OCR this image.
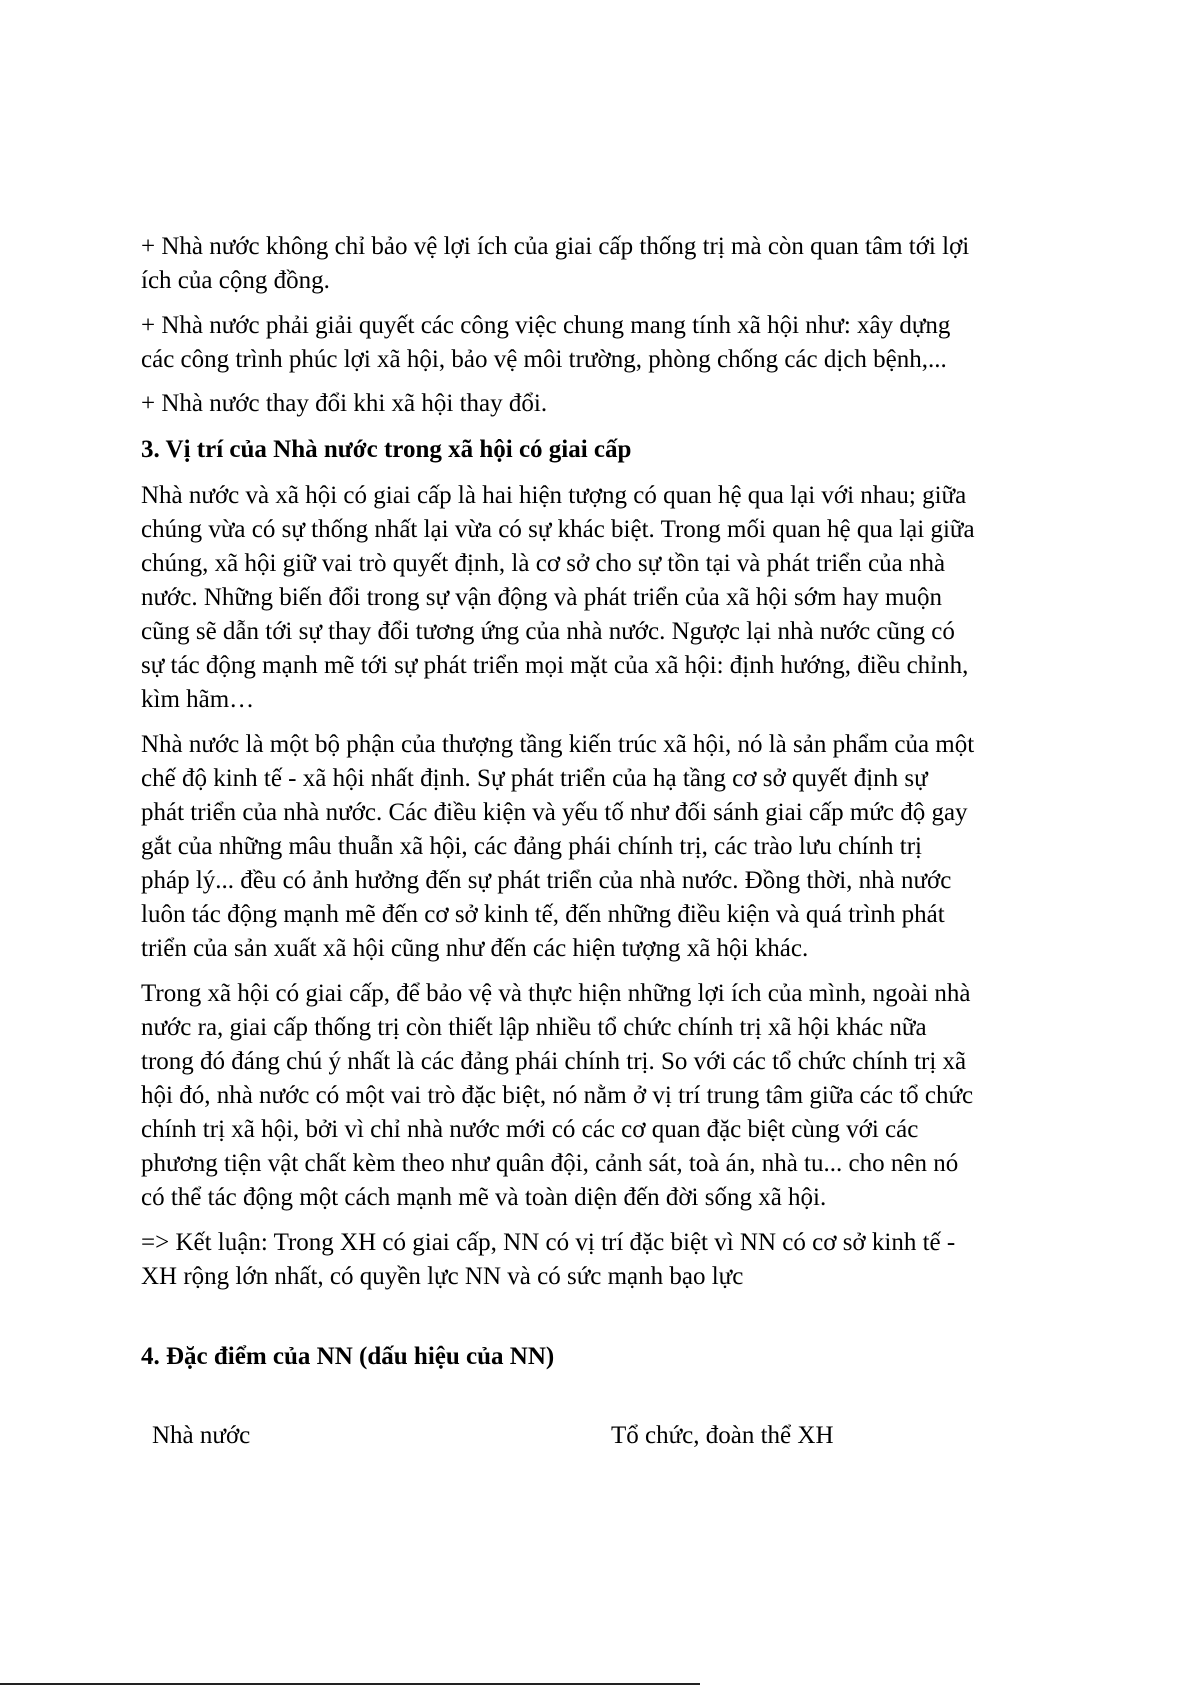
+ Nhà nước không chỉ bảo vệ lợi ích của giai cấp thống trị mà còn quan tâm tới lợi
ích của cộng đồng.

+ Nhà nước phải giải quyết các công việc chung mang tính xã hội như: xây dựng
các công trình phúc lợi xã hội, bảo vệ môi trường, phòng chống các dịch bệnh,...

+ Nhà nước thay đổi khi xã hội thay đổi.

3. Vị trí của Nhà nước trong xã hội có giai cấp

Nhà nước và xã hội có giai cấp là hai hiện tượng có quan hệ qua lại với nhau; giữa
chúng vừa có sự thống nhất lại vừa có sự khác biệt. Trong mối quan hệ qua lại giữa
chúng, xã hội giữ vai trò quyết định, là cơ sở cho sự tồn tại và phát triển của nhà
nước. Những biến đổi trong sự vận động và phát triển của xã hội sớm hay muộn
cũng sẽ dẫn tới sự thay đổi tương ứng của nhà nước. Ngược lại nhà nước cũng có
sự tác động mạnh mẽ tới sự phát triển mọi mặt của xã hội: định hướng, điều chỉnh,
kìm hãm…

Nhà nước là một bộ phận của thượng tầng kiến trúc xã hội, nó là sản phẩm của một
chế độ kinh tế - xã hội nhất định. Sự phát triển của hạ tầng cơ sở quyết định sự
phát triển của nhà nước. Các điều kiện và yếu tố như đối sánh giai cấp mức độ gay
gắt của những mâu thuẫn xã hội, các đảng phái chính trị, các trào lưu chính trị
pháp lý... đều có ảnh hưởng đến sự phát triển của nhà nước. Đồng thời, nhà nước
luôn tác động mạnh mẽ đến cơ sở kinh tế, đến những điều kiện và quá trình phát
triển của sản xuất xã hội cũng như đến các hiện tượng xã hội khác.

Trong xã hội có giai cấp, để bảo vệ và thực hiện những lợi ích của mình, ngoài nhà
nước ra, giai cấp thống trị còn thiết lập nhiều tổ chức chính trị xã hội khác nữa
trong đó đáng chú ý nhất là các đảng phái chính trị. So với các tổ chức chính trị xã
hội đó, nhà nước có một vai trò đặc biệt, nó nằm ở vị trí trung tâm giữa các tổ chức
chính trị xã hội, bởi vì chỉ nhà nước mới có các cơ quan đặc biệt cùng với các
phương tiện vật chất kèm theo như quân đội, cảnh sát, toà án, nhà tu... cho nên nó
có thể tác động một cách mạnh mẽ và toàn diện đến đời sống xã hội.

=> Kết luận: Trong XH có giai cấp, NN có vị trí đặc biệt vì NN có cơ sở kinh tế -
XH rộng lớn nhất, có quyền lực NN và có sức mạnh bạo lực

4. Đặc điểm của NN (dấu hiệu của NN)
Nhà nước	Tổ chức, đoàn thể XH
